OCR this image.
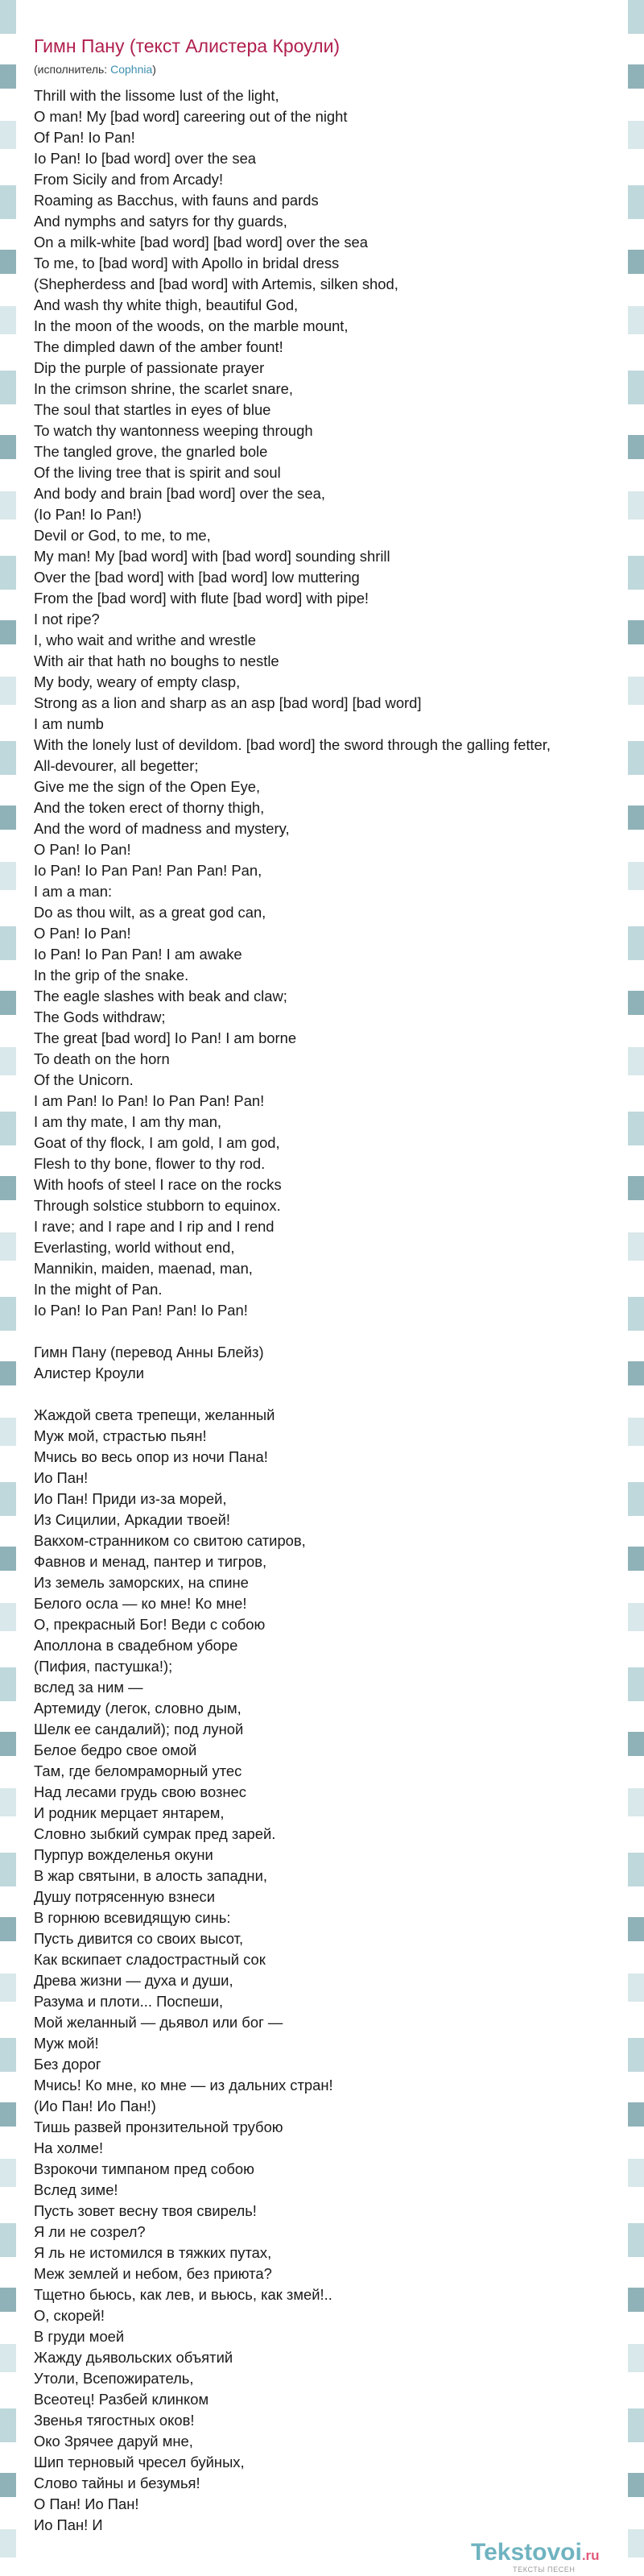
Гимн Пану (текст Алистера Кроули)
(исполнитель: Cophnia)
Thrill with the lissome lust of the light,
O man! My [bad word] careering out of the night
Of Pan! Io Pan!
Io Pan! Io [bad word] over the sea
From Sicily and from Arcady!
Roaming as Bacchus, with fauns and pards
And nymphs and satyrs for thy guards,
On a milk-white [bad word] [bad word] over the sea
To me, to [bad word] with Apollo in bridal dress
(Shepherdess and [bad word] with Artemis, silken shod,
And wash thy white thigh, beautiful God,
In the moon of the woods, on the marble mount,
The dimpled dawn of the amber fount!
Dip the purple of passionate prayer
In the crimson shrine, the scarlet snare,
The soul that startles in eyes of blue
To watch thy wantonness weeping through
The tangled grove, the gnarled bole
Of the living tree that is spirit and soul
And body and brain [bad word] over the sea,
(Io Pan! Io Pan!)
Devil or God, to me, to me,
My man! My [bad word] with [bad word] sounding shrill
Over the [bad word] with [bad word] low muttering
From the [bad word] with flute [bad word] with pipe!
I not ripe?
I, who wait and writhe and wrestle
With air that hath no boughs to nestle
My body, weary of empty clasp,
Strong as a lion and sharp as an asp [bad word] [bad word]
I am numb
With the lonely lust of devildom. [bad word] the sword through the galling fetter,
All-devourer, all begetter;
Give me the sign of the Open Eye,
And the token erect of thorny thigh,
And the word of madness and mystery,
O Pan! Io Pan!
Io Pan! Io Pan Pan! Pan Pan! Pan,
I am a man:
Do as thou wilt, as a great god can,
O Pan! Io Pan!
Io Pan! Io Pan Pan! I am awake
In the grip of the snake.
The eagle slashes with beak and claw;
The Gods withdraw;
The great [bad word] Io Pan! I am borne
To death on the horn
Of the Unicorn.
I am Pan! Io Pan! Io Pan Pan! Pan!
I am thy mate, I am thy man,
Goat of thy flock, I am gold, I am god,
Flesh to thy bone, flower to thy rod.
With hoofs of steel I race on the rocks
Through solstice stubborn to equinox.
I rave; and I rape and I rip and I rend
Everlasting, world without end,
Mannikin, maiden, maenad, man,
In the might of Pan.
Io Pan! Io Pan Pan! Pan! Io Pan!
Гимн Пану (перевод Анны Блейз)
Алистер Кроули
Жаждой света трепещи, желанный
Муж мой, страстью пьян!
Мчись во весь опор из ночи Пана!
Ио Пан!
Ио Пан! Приди из-за морей,
Из Сицилии, Аркадии твоей!
Вакхом-странником со свитою сатиров,
Фавнов и менад, пантер и тигров,
Из земель заморских, на спине
Белого осла — ко мне! Ко мне!
О, прекрасный Бог! Веди с собою
Аполлона в свадебном уборе
(Пифия, пастушка!);
вслед за ним —
Артемиду (легок, словно дым,
Шелк ее сандалий); под луной
Белое бедро свое омой
Там, где беломраморный утес
Над лесами грудь свою вознес
И родник мерцает янтарем,
Словно зыбкий сумрак пред зарей.
Пурпур вожделенья окуни
В жар святыни, в алость западни,
Душу потрясенную взнеси
В горнюю всевидящую синь:
Пусть дивится со своих высот,
Как вскипает сладострастный сок
Древа жизни — духа и души,
Разума и плоти... Поспеши,
Мой желанный — дьявол или бог —
Муж мой!
Без дорог
Мчись! Ко мне, ко мне — из дальних стран!
(Ио Пан! Ио Пан!)
Тишь развей пронзительной трубою
На холме!
Взрокочи тимпаном пред собою
Вслед зиме!
Пусть зовет весну твоя свирель!
Я ли не созрел?
Я ль не истомился в тяжких путах,
Меж землей и небом, без приюта?
Тщетно бьюсь, как лев, и вьюсь, как змей!..
О, скорей!
В груди моей
Жажду дьявольских объятий
Утоли, Всепожиратель,
Всеотец! Разбей клинком
Звенья тягостных оков!
Око Зрячее даруй мне,
Шип терновый чресел буйных,
Слово тайны и безумья!
О Пан! Ио Пан!
Ио Пан! И
Tekstovoi.ru
ТЕКСТЫ ПЕСЕН
